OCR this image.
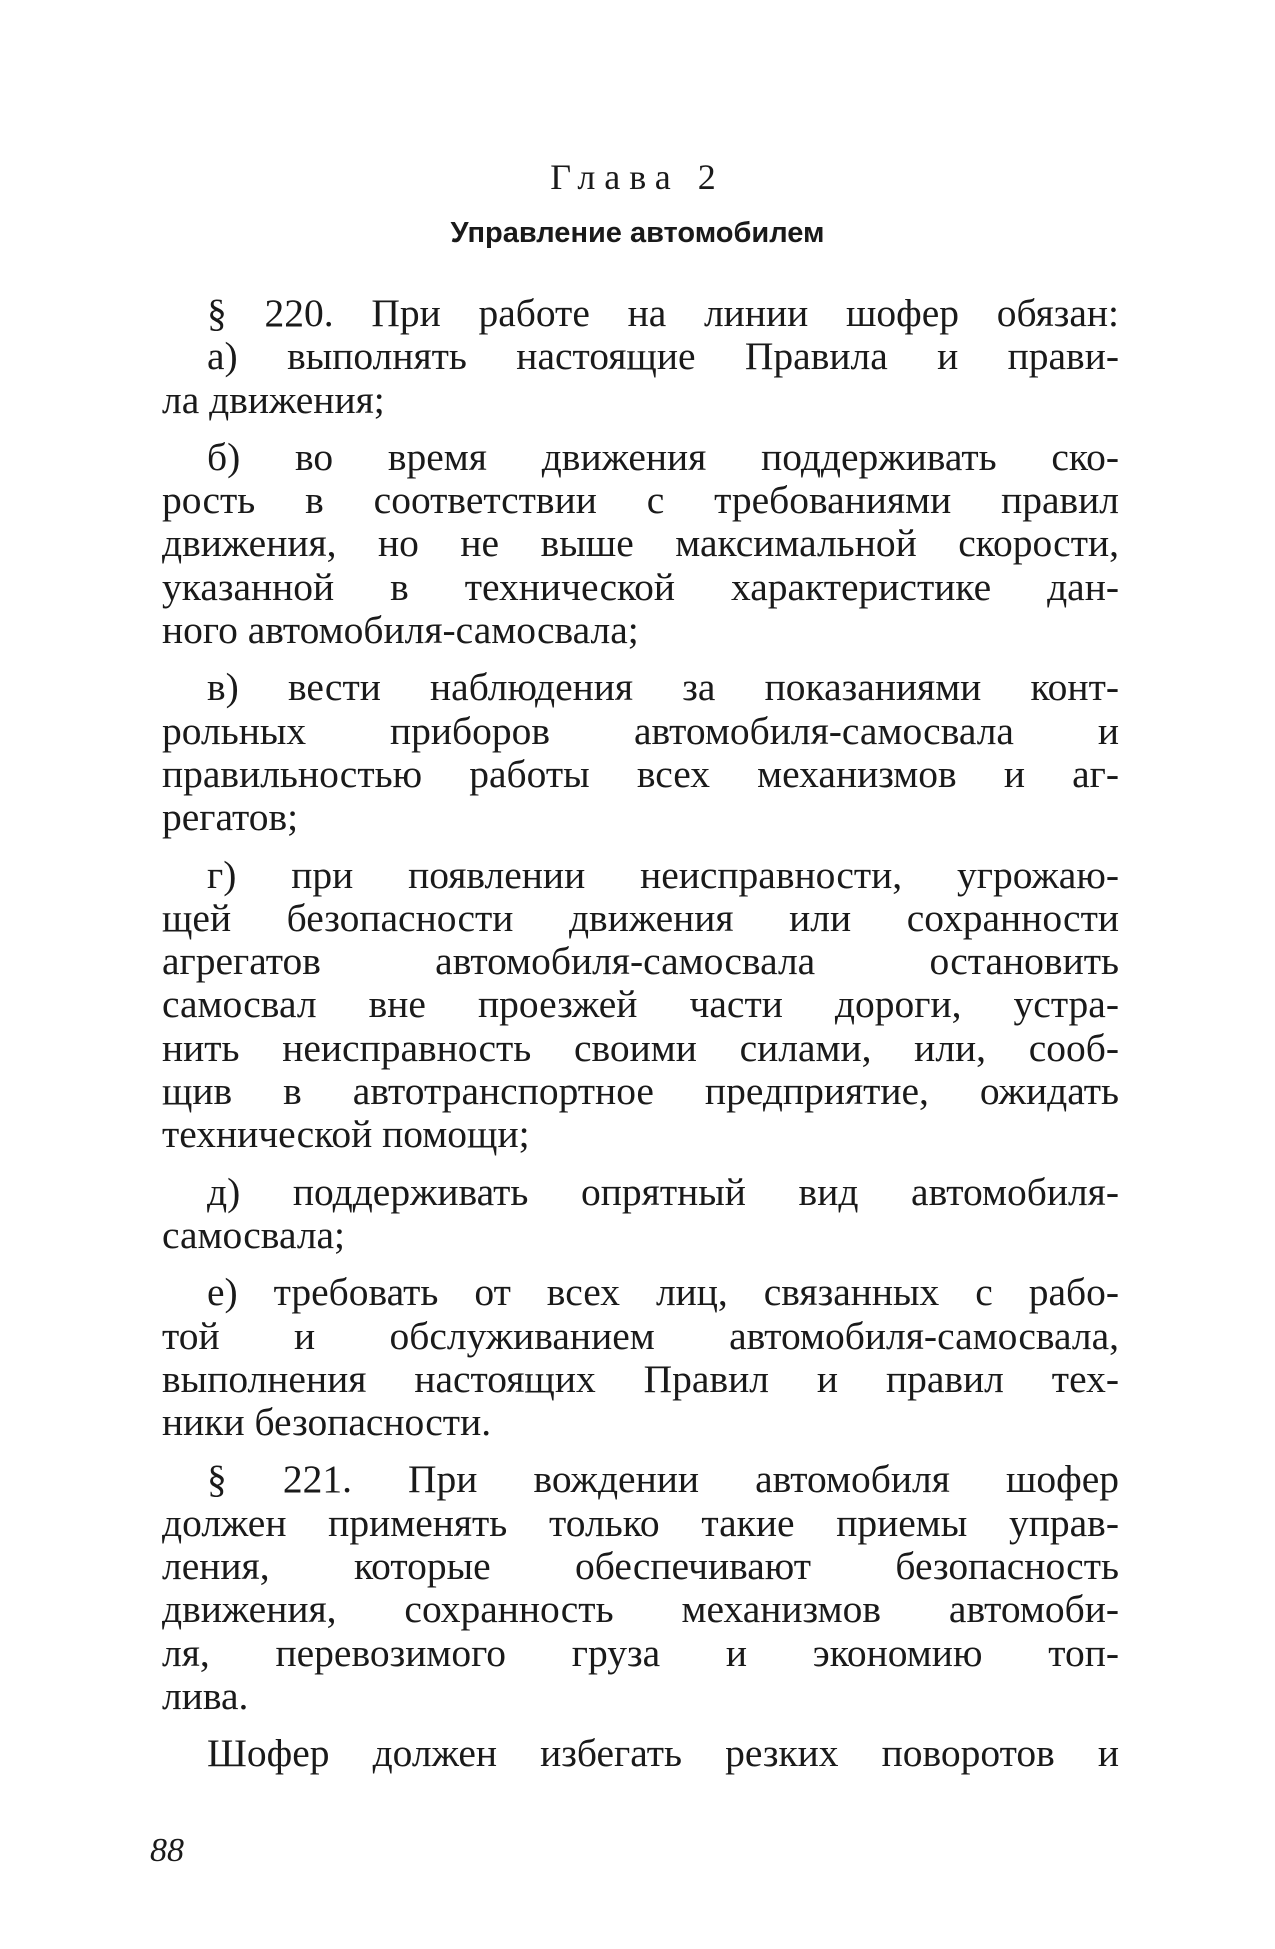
Глава 2
Управление автомобилем

§ 220. При работе на линии шофер обязан:

а) выполнять настоящие Правила и прави-
ла движения;

б) во время движения поддерживать ско-
рость в соответствии с требованиями правил
движения, но не выше максимальной скорости,
указанной в технической характеристике дан-
ного автомобиля-самосвала;

в) вести наблюдения за показаниями конт-
рольных приборов автомобиля-самосвала и
правильностью работы всех механизмов и аг-
регатов;

г) при появлении неисправности, угрожаю-
щей безопасности движения или сохранности
агрегатов автомобиля-самосвала остановить
самосвал вне проезжей части дороги, устра-
нить неисправность своими силами, или, сооб-
щив в автотранспортное предприятие, ожидать
технической помощи;

д) поддерживать опрятный вид автомобиля-
самосвала;

е) требовать от всех лиц, связанных с рабо-
той и обслуживанием автомобиля-самосвала,
выполнения настоящих Правил и правил тех-
ники безопасности.

§ 221. При вождении автомобиля шофер
должен применять только такие приемы управ-
ления, которые обеспечивают безопасность
движения, сохранность механизмов автомоби-
ля, перевозимого груза и экономию топ-
лива.

Шофер должен избегать резких поворотов и

88
